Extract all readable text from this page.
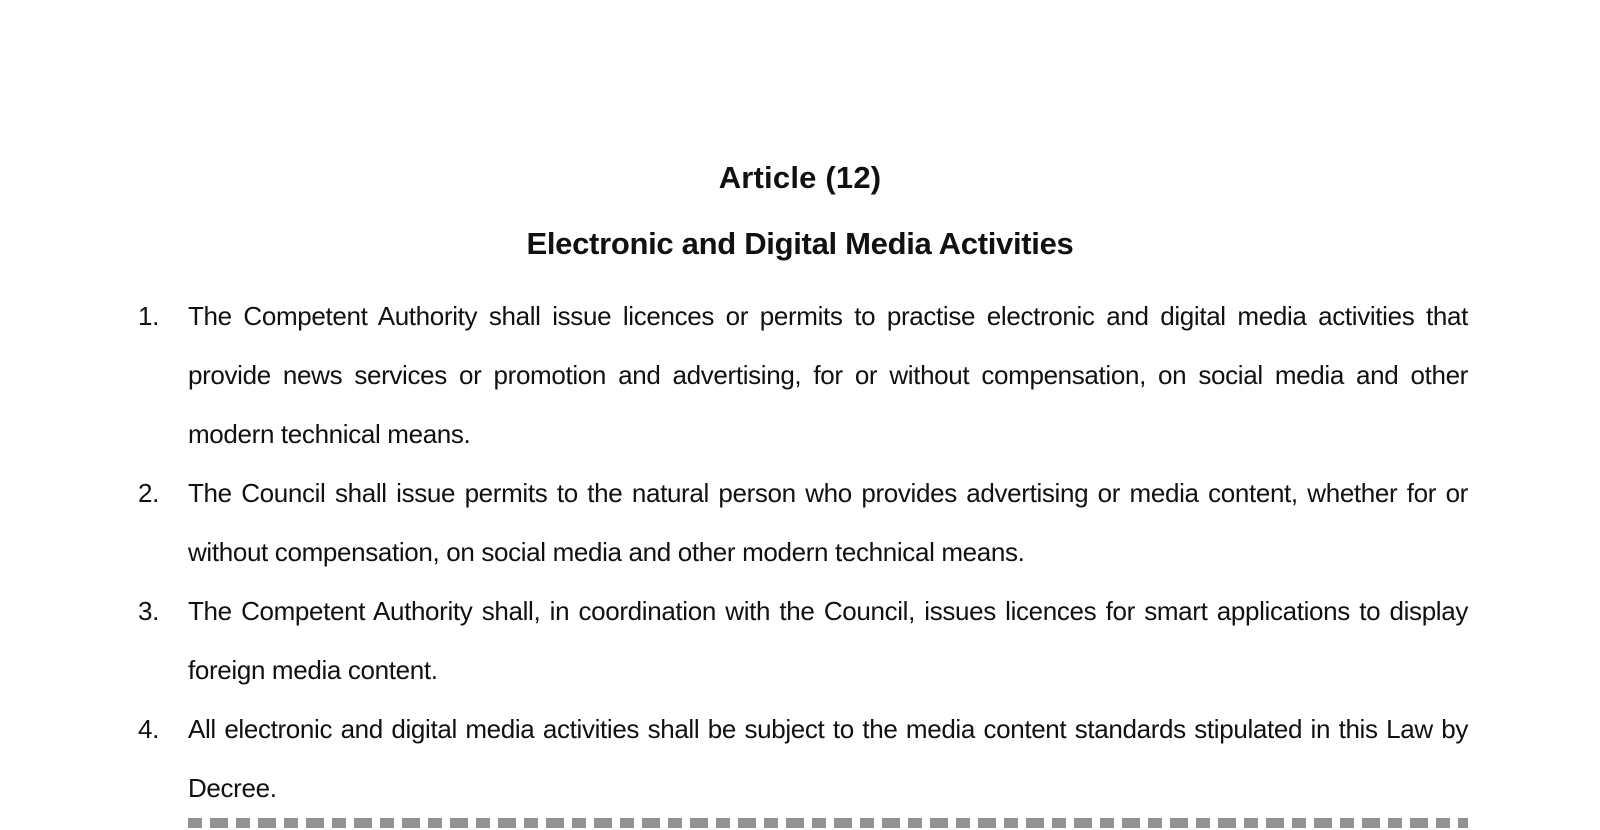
Article (12)
Electronic and Digital Media Activities
1. The Competent Authority shall issue licences or permits to practise electronic and digital media activities that provide news services or promotion and advertising, for or without compensation, on social media and other modern technical means.
2. The Council shall issue permits to the natural person who provides advertising or media content, whether for or without compensation, on social media and other modern technical means.
3. The Competent Authority shall, in coordination with the Council, issues licences for smart applications to display foreign media content.
4. All electronic and digital media activities shall be subject to the media content standards stipulated in this Law by Decree.
